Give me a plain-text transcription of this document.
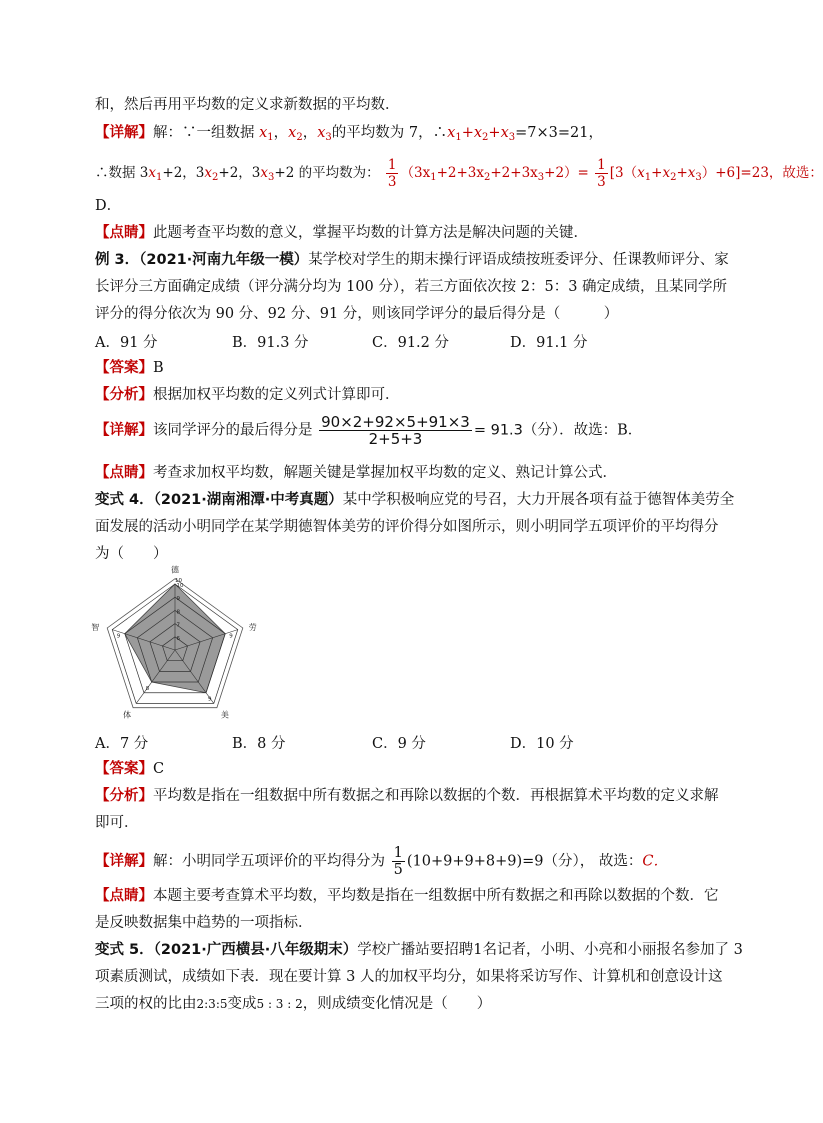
和，然后再用平均数的定义求新数据的平均数．
【详解】解：∵一组数据 $x_1$，$x_2$，$x_3$的平均数为 7，$\therefore x_1+x_2+x_3=7\times 3=21$，
∴数据 $3x_1+2$，$3x_2+2$，$3x_3+2$ 的平均数为： $\frac{1}{3} (3x_1+2+3x_2+2+3x_3+2)= \frac{1}{3} [3(x_1+x_2+x_3)+6]=23$，故选：
D．
【点睛】此题考查平均数的意义，掌握平均数的计算方法是解决问题的关键．
例 3．（2021·河南九年级一模）某学校对学生的期末操行评语成绩按班委评分、任课教师评分、家
长评分三方面确定成绩（评分满分均为 100 分），若三方面依次按 2：5：3 确定成绩，且某同学所
评分的得分依次为 90 分、92 分、91 分，则该同学评分的最后得分是（　　　）
A．91 分	B．91.3 分	C．91.2 分	D．91.1 分
【答案】B
【分析】根据加权平均数的定义列式计算即可．
【详解】该同学评分的最后得分是 $\frac{90\times 2+92\times 5+91\times 3}{2+5+3} = 91.3$（分）．故选：B．
【点睛】考查求加权平均数，解题关键是掌握加权平均数的定义、熟记计算公式．
变式 4．（2021·湖南湘潭·中考真题）某中学积极响应党的号召，大力开展各项有益于德智体美劳全
面发展的活动小明同学在某学期德智体美劳的评价得分如图所示，则小明同学五项评价的平均得分
为（　　）
6
7
8
9
10
10
9
9
8
9
德
劳
美
体
智
A．7 分	B．8 分	C．9 分	D．10 分
【答案】C
【分析】平均数是指在一组数据中所有数据之和再除以数据的个数．再根据算术平均数的定义求解
即可．
【详解】解：小明同学五项评价的平均得分为 $\frac{1}{5} (10+9+9+8+9)=9$（分）， 故选：C．
【点睛】本题主要考查算术平均数，平均数是指在一组数据中所有数据之和再除以数据的个数．它
是反映数据集中趋势的一项指标．
变式 5．（2021·广西横县·八年级期末）学校广播站要招聘1名记者，小明、小亮和小丽报名参加了 3
项素质测试，成绩如下表．现在要计算 3 人的加权平均分，如果将采访写作、计算机和创意设计这
三项的权的比由2:3:5变成5 : 3 : 2，则成绩变化情况是（　　）
